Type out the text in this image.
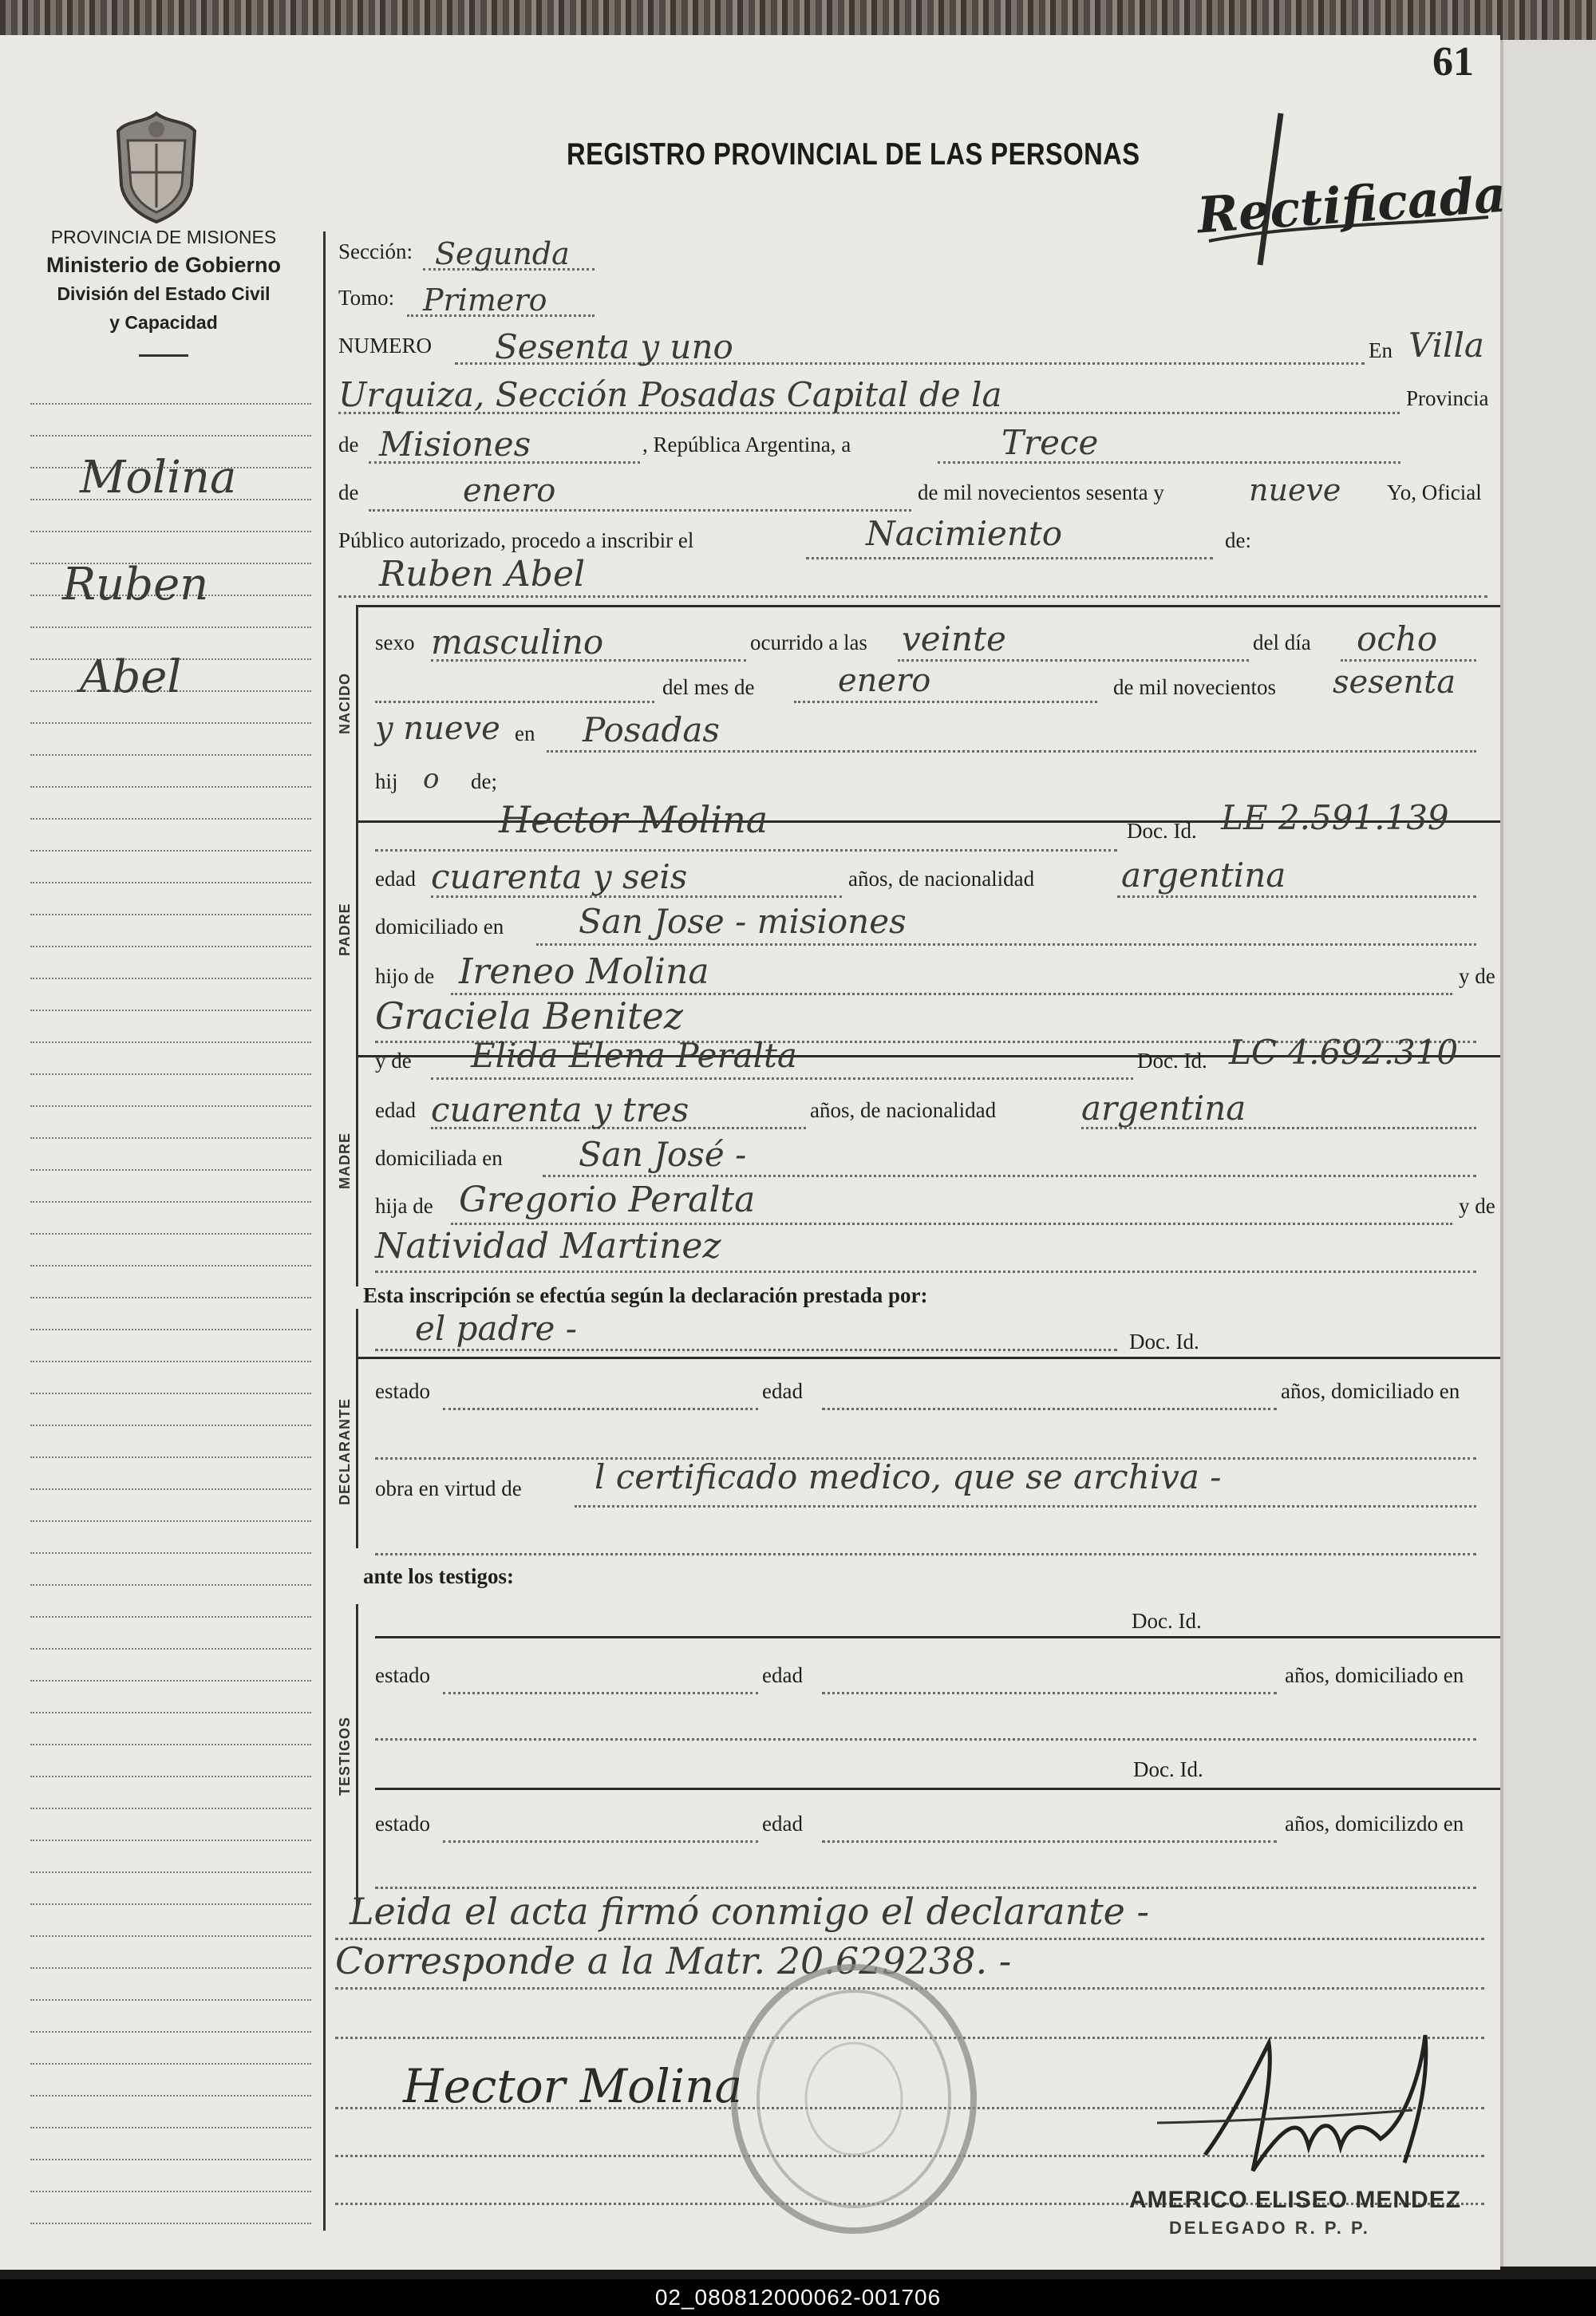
61
PROVINCIA DE MISIONES
Ministerio de Gobierno
División del Estado Civil
y Capacidad
REGISTRO PROVINCIAL DE LAS PERSONAS
Rectificada
Molina
Ruben
Abel
Sección: Segunda
Tomo: Primero
NUMERO Sesenta y uno	En Villa
Urquiza, Sección Posadas Capital de la	Provincia
de Misiones	, República Argentina, a	Trece
de	enero	de mil novecientos sesenta y	nueve Yo, Oficial
Público autorizado, procedo a inscribir el	Nacimiento	de:
Ruben Abel
NACIDO
sexo masculino	ocurrido a las veinte	del día ocho
del mes de	enero	de mil novecientos sesenta
y nueve en Posadas
hij o de;
PADRE
Hector Molina	Doc. Id. LE 2.591.139
edad cuarenta y seis	años, de nacionalidad	argentina
domiciliado en San Jose - misiones
hijo de Ireneo Molina	y de
Graciela Benitez
MADRE
y de Elida Elena Peralta	Doc. Id. LC 4.692.310
edad cuarenta y tres	años, de nacionalidad	argentina
domiciliada en San José -
hija de Gregorio Peralta	y de
Natividad Martinez
Esta inscripción se efectúa según la declaración prestada por:
DECLARANTE
el padre -	Doc. Id.
estado	edad	años, domiciliado en
obra en virtud de l certificado medico, que se archiva -
ante los testigos:
TESTIGOS
Doc. Id.
estado	edad	años, domiciliado en
Doc. Id.
estado	edad	años, domicilizdo en
Leida el acta firmó conmigo el declarante -
Corresponde a la Matr. 20.629238. -
Hector Molina
AMERICO ELISEO MENDEZ
DELEGADO R. P. P.
02_080812000062-001706
